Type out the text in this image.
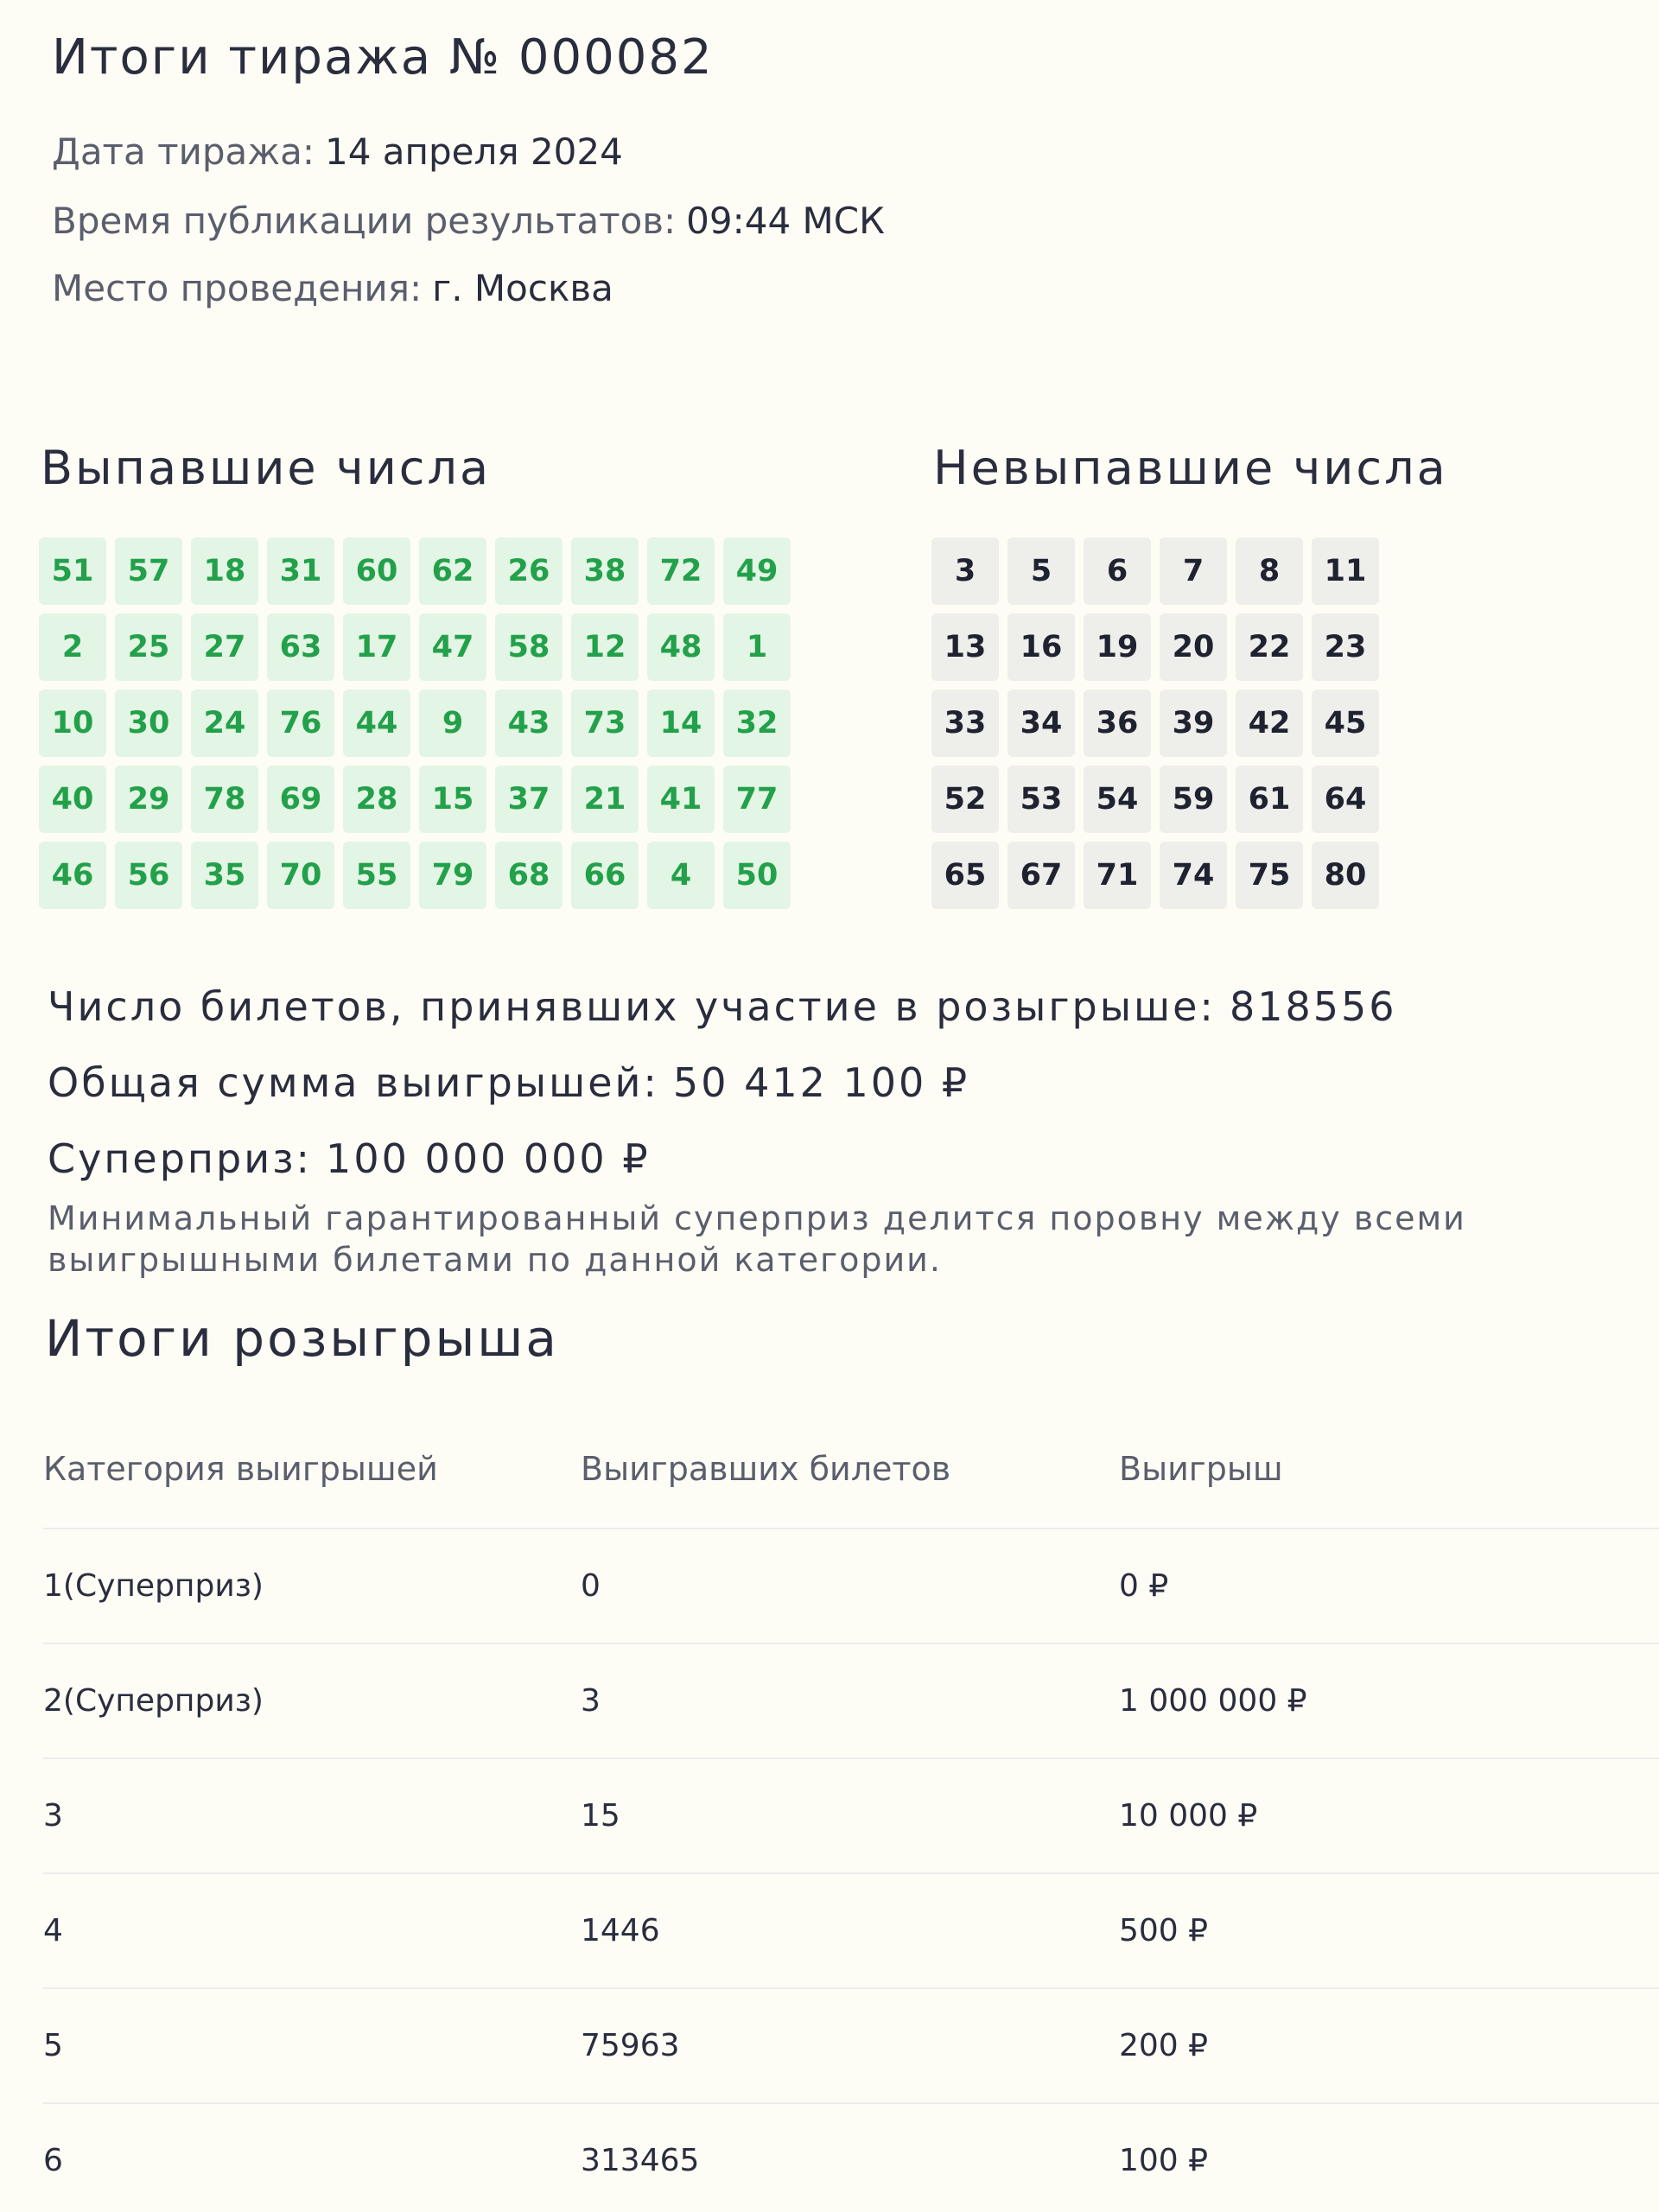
Итоги тиража № 000082
Дата тиража: 14 апреля 2024
Время публикации результатов: 09:44 МСК
Место проведения: г. Москва
Выпавшие числа	Невыпавшие числа
51	57	18	31	60	62	26	38	72	49
2	25	27	63	17	47	58	12	48	1
10	30	24	76	44	9	43	73	14	32
40	29	78	69	28	15	37	21	41	77
46	56	35	70	55	79	68	66	4	50
3	5	6	7	8	11
13	16	19	20	22	23
33	34	36	39	42	45
52	53	54	59	61	64
65	67	71	74	75	80
Число билетов, принявших участие в розыгрыше: 818556
Общая сумма выигрышей: 50 412 100 ₽
Суперприз: 100 000 000 ₽

Минимальный гарантированный суперприз делится поровну между всеми выигрышными билетами по данной категории.

Итоги розыгрыша
Категория выигрышей	Выигравших билетов	Выигрыш
1(Суперприз)	0	0 ₽
2(Суперприз)	3	1 000 000 ₽
3	15	10 000 ₽
4	1446	500 ₽
5	75963	200 ₽
6	313465	100 ₽
